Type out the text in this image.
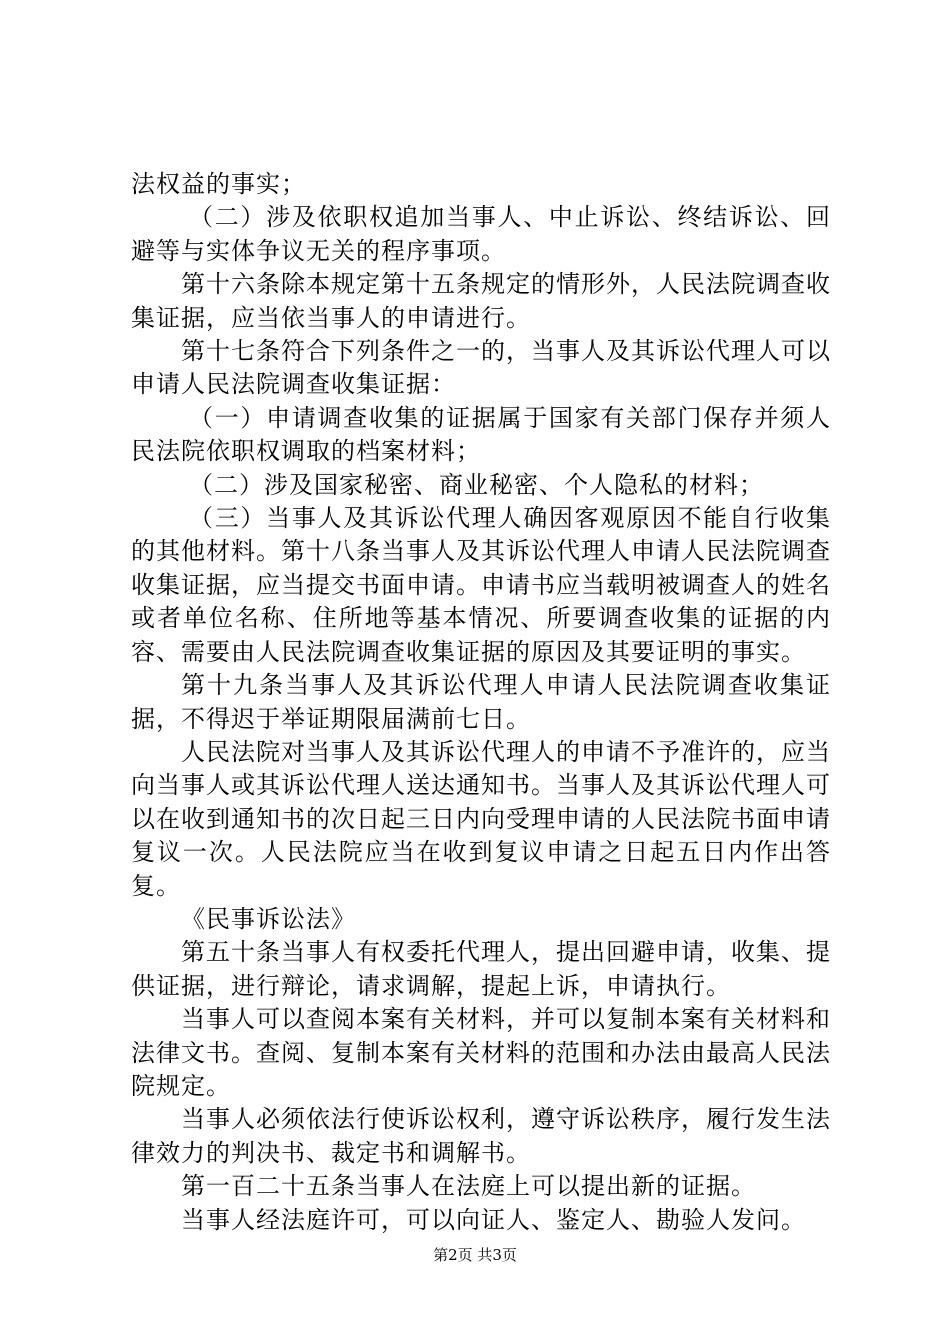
法权益的事实；

（二）涉及依职权追加当事人、中止诉讼、终结诉讼、回避等与实体争议无关的程序事项。

第十六条除本规定第十五条规定的情形外，人民法院调查收集证据，应当依当事人的申请进行。

第十七条符合下列条件之一的，当事人及其诉讼代理人可以申请人民法院调查收集证据：

（一）申请调查收集的证据属于国家有关部门保存并须人民法院依职权调取的档案材料；

（二）涉及国家秘密、商业秘密、个人隐私的材料；

（三）当事人及其诉讼代理人确因客观原因不能自行收集的其他材料。第十八条当事人及其诉讼代理人申请人民法院调查收集证据，应当提交书面申请。申请书应当载明被调查人的姓名或者单位名称、住所地等基本情况、所要调查收集的证据的内容、需要由人民法院调查收集证据的原因及其要证明的事实。

第十九条当事人及其诉讼代理人申请人民法院调查收集证据，不得迟于举证期限届满前七日。

人民法院对当事人及其诉讼代理人的申请不予准许的，应当向当事人或其诉讼代理人送达通知书。当事人及其诉讼代理人可以在收到通知书的次日起三日内向受理申请的人民法院书面申请复议一次。人民法院应当在收到复议申请之日起五日内作出答复。

《民事诉讼法》

第五十条当事人有权委托代理人，提出回避申请，收集、提供证据，进行辩论，请求调解，提起上诉，申请执行。

当事人可以查阅本案有关材料，并可以复制本案有关材料和法律文书。查阅、复制本案有关材料的范围和办法由最高人民法院规定。

当事人必须依法行使诉讼权利，遵守诉讼秩序，履行发生法律效力的判决书、裁定书和调解书。

第一百二十五条当事人在法庭上可以提出新的证据。

当事人经法庭许可，可以向证人、鉴定人、勘验人发问。

第2页 共3页
